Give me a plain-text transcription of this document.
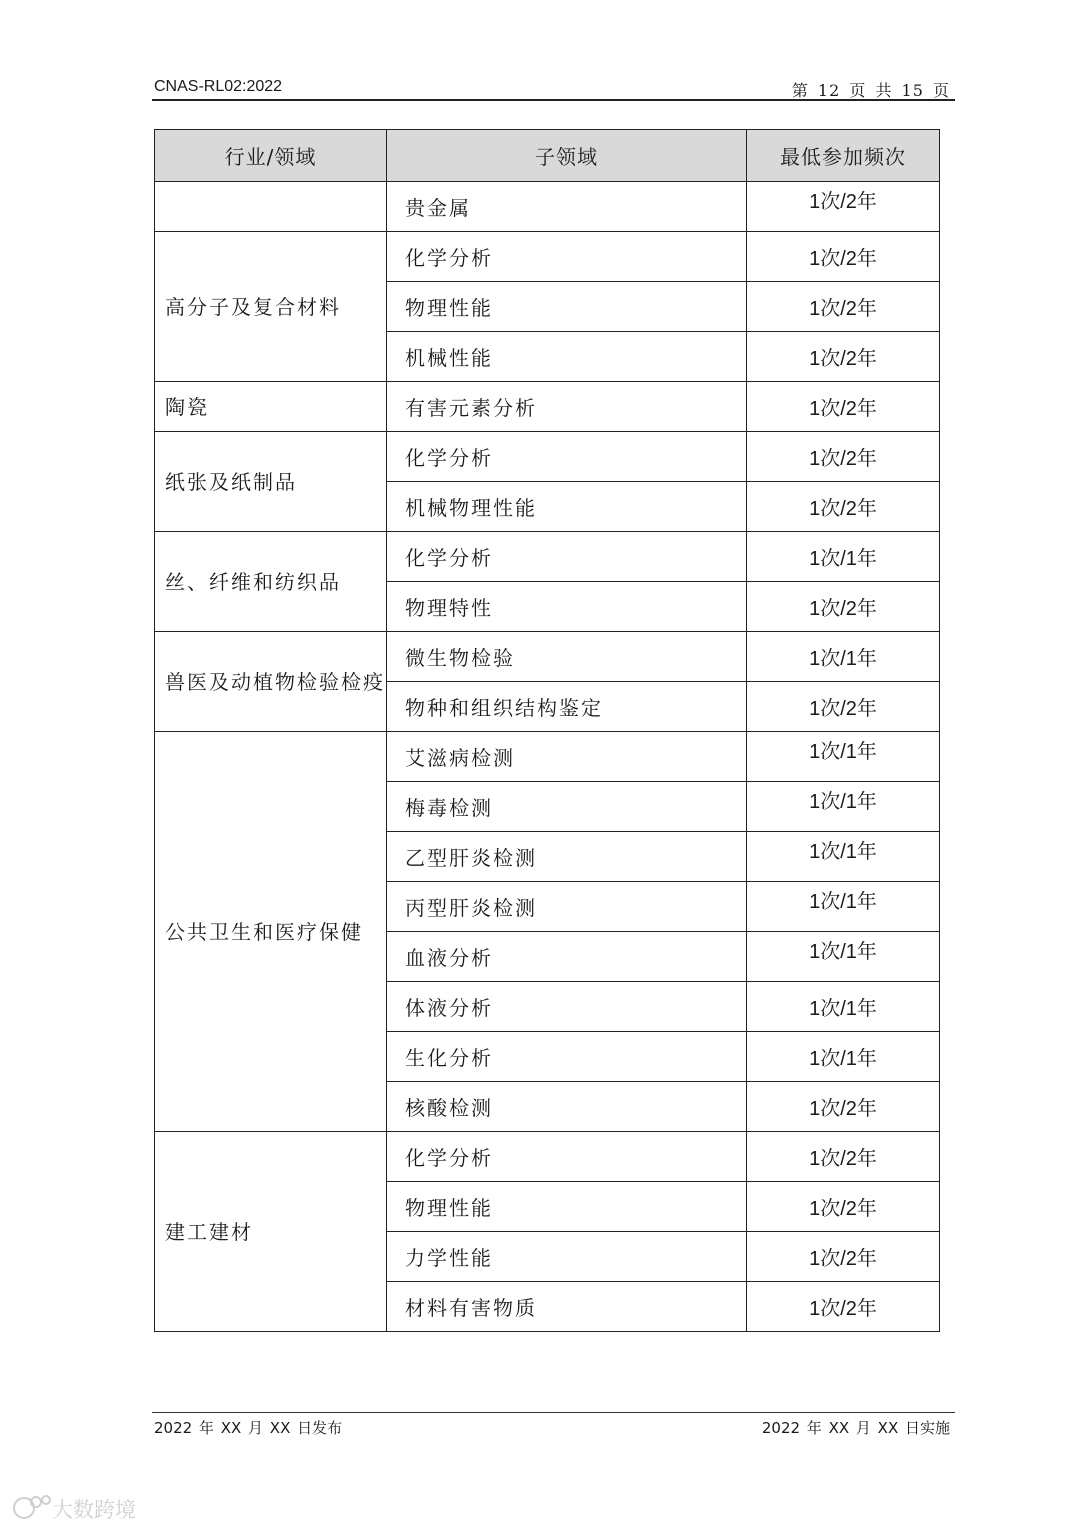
CNAS-RL02:2022	第 12 页 共 15 页
行业/领域	子领域	最低参加频次
	贵金属	1次/2年
高分子及复合材料	化学分析	1次/2年
	物理性能	1次/2年
	机械性能	1次/2年
陶瓷	有害元素分析	1次/2年
纸张及纸制品	化学分析	1次/2年
	机械物理性能	1次/2年
丝、纤维和纺织品	化学分析	1次/1年
	物理特性	1次/2年
兽医及动植物检验检疫	微生物检验	1次/1年
	物种和组织结构鉴定	1次/2年
公共卫生和医疗保健	艾滋病检测	1次/1年
	梅毒检测	1次/1年
	乙型肝炎检测	1次/1年
	丙型肝炎检测	1次/1年
	血液分析	1次/1年
	体液分析	1次/1年
	生化分析	1次/1年
	核酸检测	1次/2年
建工建材	化学分析	1次/2年
	物理性能	1次/2年
	力学性能	1次/2年
	材料有害物质	1次/2年
2022 年 XX 月 XX 日发布	2022 年 XX 月 XX 日实施
大数跨境
